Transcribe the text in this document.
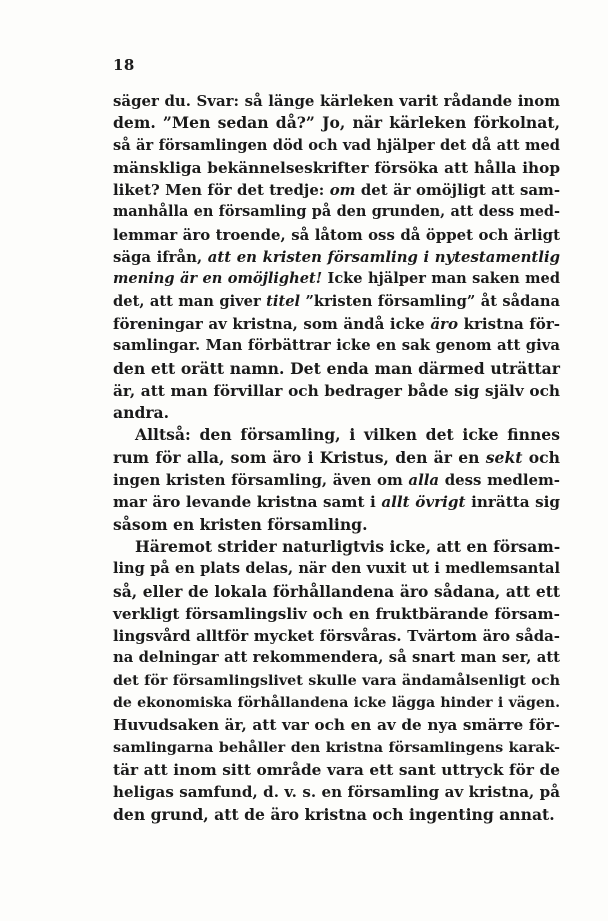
18
säger du. Svar: så länge kärleken varit rådande inom
dem. ”Men sedan då?” Jo, när kärleken förkolnat,
så är församlingen död och vad hjälper det då att med
mänskliga bekännelseskrifter försöka att hålla ihop
liket? Men för det tredje: om det är omöjligt att sam-
manhålla en församling på den grunden, att dess med-
lemmar äro troende, så låtom oss då öppet och ärligt
säga ifrån, att en kristen församling i nytestamentlig
mening är en omöjlighet! Icke hjälper man saken med
det, att man giver titel ”kristen församling” åt sådana
föreningar av kristna, som ändå icke äro kristna för-
samlingar. Man förbättrar icke en sak genom att giva
den ett orätt namn. Det enda man därmed uträttar
är, att man förvillar och bedrager både sig själv och
andra.
Alltså: den församling, i vilken det icke finnes
rum för alla, som äro i Kristus, den är en sekt och
ingen kristen församling, även om alla dess medlem-
mar äro levande kristna samt i allt övrigt inrätta sig
såsom en kristen församling.
Häremot strider naturligtvis icke, att en försam-
ling på en plats delas, när den vuxit ut i medlemsantal
så, eller de lokala förhållandena äro sådana, att ett
verkligt församlingsliv och en fruktbärande försam-
lingsvård alltför mycket försvåras. Tvärtom äro såda-
na delningar att rekommendera, så snart man ser, att
det för församlingslivet skulle vara ändamålsenligt och
de ekonomiska förhållandena icke lägga hinder i vägen.
Huvudsaken är, att var och en av de nya smärre för-
samlingarna behåller den kristna församlingens karak-
tär att inom sitt område vara ett sant uttryck för de
heligas samfund, d. v. s. en församling av kristna, på
den grund, att de äro kristna och ingenting annat.
